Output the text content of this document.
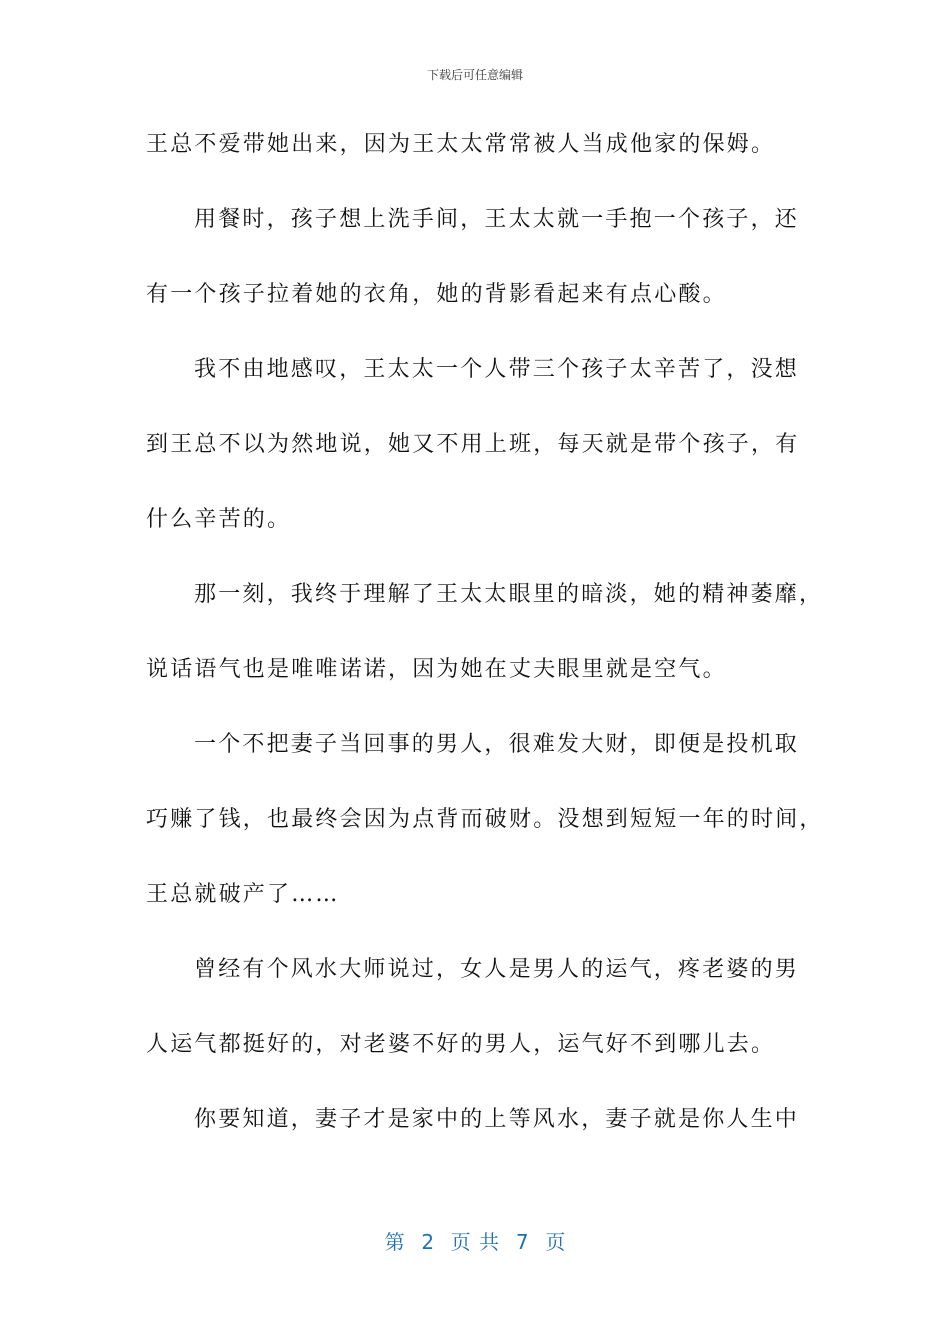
下载后可任意编辑
王总不爱带她出来，因为王太太常常被人当成他家的保姆。
用餐时，孩子想上洗手间，王太太就一手抱一个孩子，还
有一个孩子拉着她的衣角，她的背影看起来有点心酸。
我不由地感叹，王太太一个人带三个孩子太辛苦了，没想
到王总不以为然地说，她又不用上班，每天就是带个孩子，有
什么辛苦的。
那一刻，我终于理解了王太太眼里的暗淡，她的精神萎靡，
说话语气也是唯唯诺诺，因为她在丈夫眼里就是空气。
一个不把妻子当回事的男人，很难发大财，即便是投机取
巧赚了钱，也最终会因为点背而破财。没想到短短一年的时间，
王总就破产了……
曾经有个风水大师说过，女人是男人的运气，疼老婆的男
人运气都挺好的，对老婆不好的男人，运气好不到哪儿去。
你要知道，妻子才是家中的上等风水，妻子就是你人生中
第  2  页 共  7  页
